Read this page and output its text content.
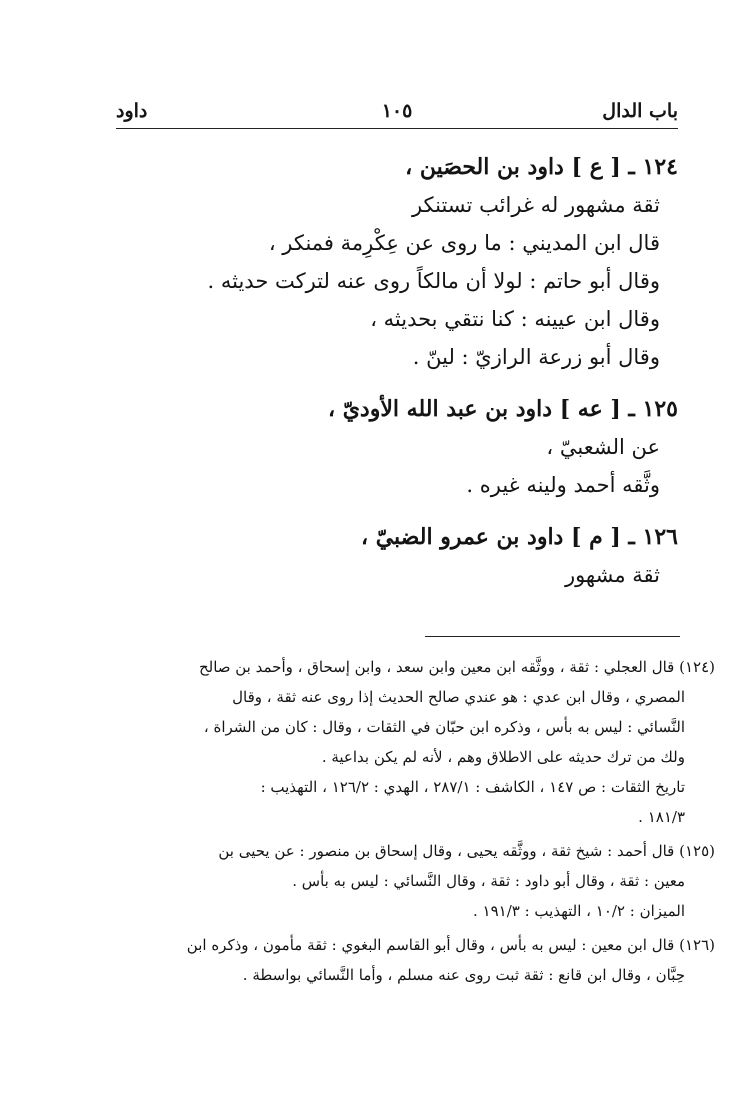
باب الدال
١٠٥
داود
١٢٤ ـ [ ع ] داود بن الحصَين ،
ثقة مشهور له غرائب تستنكر
قال ابن المديني : ما روى عن عِكْرِمة فمنكر ،
وقال أبو حاتم : لولا أن مالكاً روى عنه لتركت حديثه .
وقال ابن عيينه : كنا نتقي بحديثه ،
وقال أبو زرعة الرازيّ : لينّ .
١٢٥ ـ [ عه ] داود بن عبد الله الأوديّ ،
عن الشعبيّ ،
وثَّقه أحمد ولينه غيره .
١٢٦ ـ [ م ] داود بن عمرو الضبيّ ،
ثقة مشهور
(١٢٤) قال العجلي : ثقة ، ووثَّقه ابن معين وابن سعد ، وابن إسحاق ، وأحمد بن صالح
المصري ، وقال ابن عدي : هو عندي صالح الحديث إذا روى عنه ثقة ، وقال
النَّسائي : ليس به بأس ، وذكره ابن حبّان في الثقات ، وقال : كان من الشراة ،
ولك من ترك حديثه على الاطلاق وهم ، لأنه لم يكن بداعية .
تاريخ الثقات : ص ١٤٧ ، الكاشف : ٢٨٧/١ ، الهدي : ١٢٦/٢ ، التهذيب :
١٨١/٣ .
(١٢٥) قال أحمد : شيخ ثقة ، ووثَّقه يحيى ، وقال إسحاق بن منصور : عن يحيى بن
معين : ثقة ، وقال أبو داود : ثقة ، وقال النَّسائي : ليس به بأس .
الميزان : ١٠/٢ ، التهذيب : ١٩١/٣ .
(١٢٦) قال ابن معين : ليس به بأس ، وقال أبو القاسم البغوي : ثقة مأمون ، وذكره ابن
حِبَّان ، وقال ابن قانع : ثقة ثبت روى عنه مسلم ، وأما النَّسائي بواسطة .
